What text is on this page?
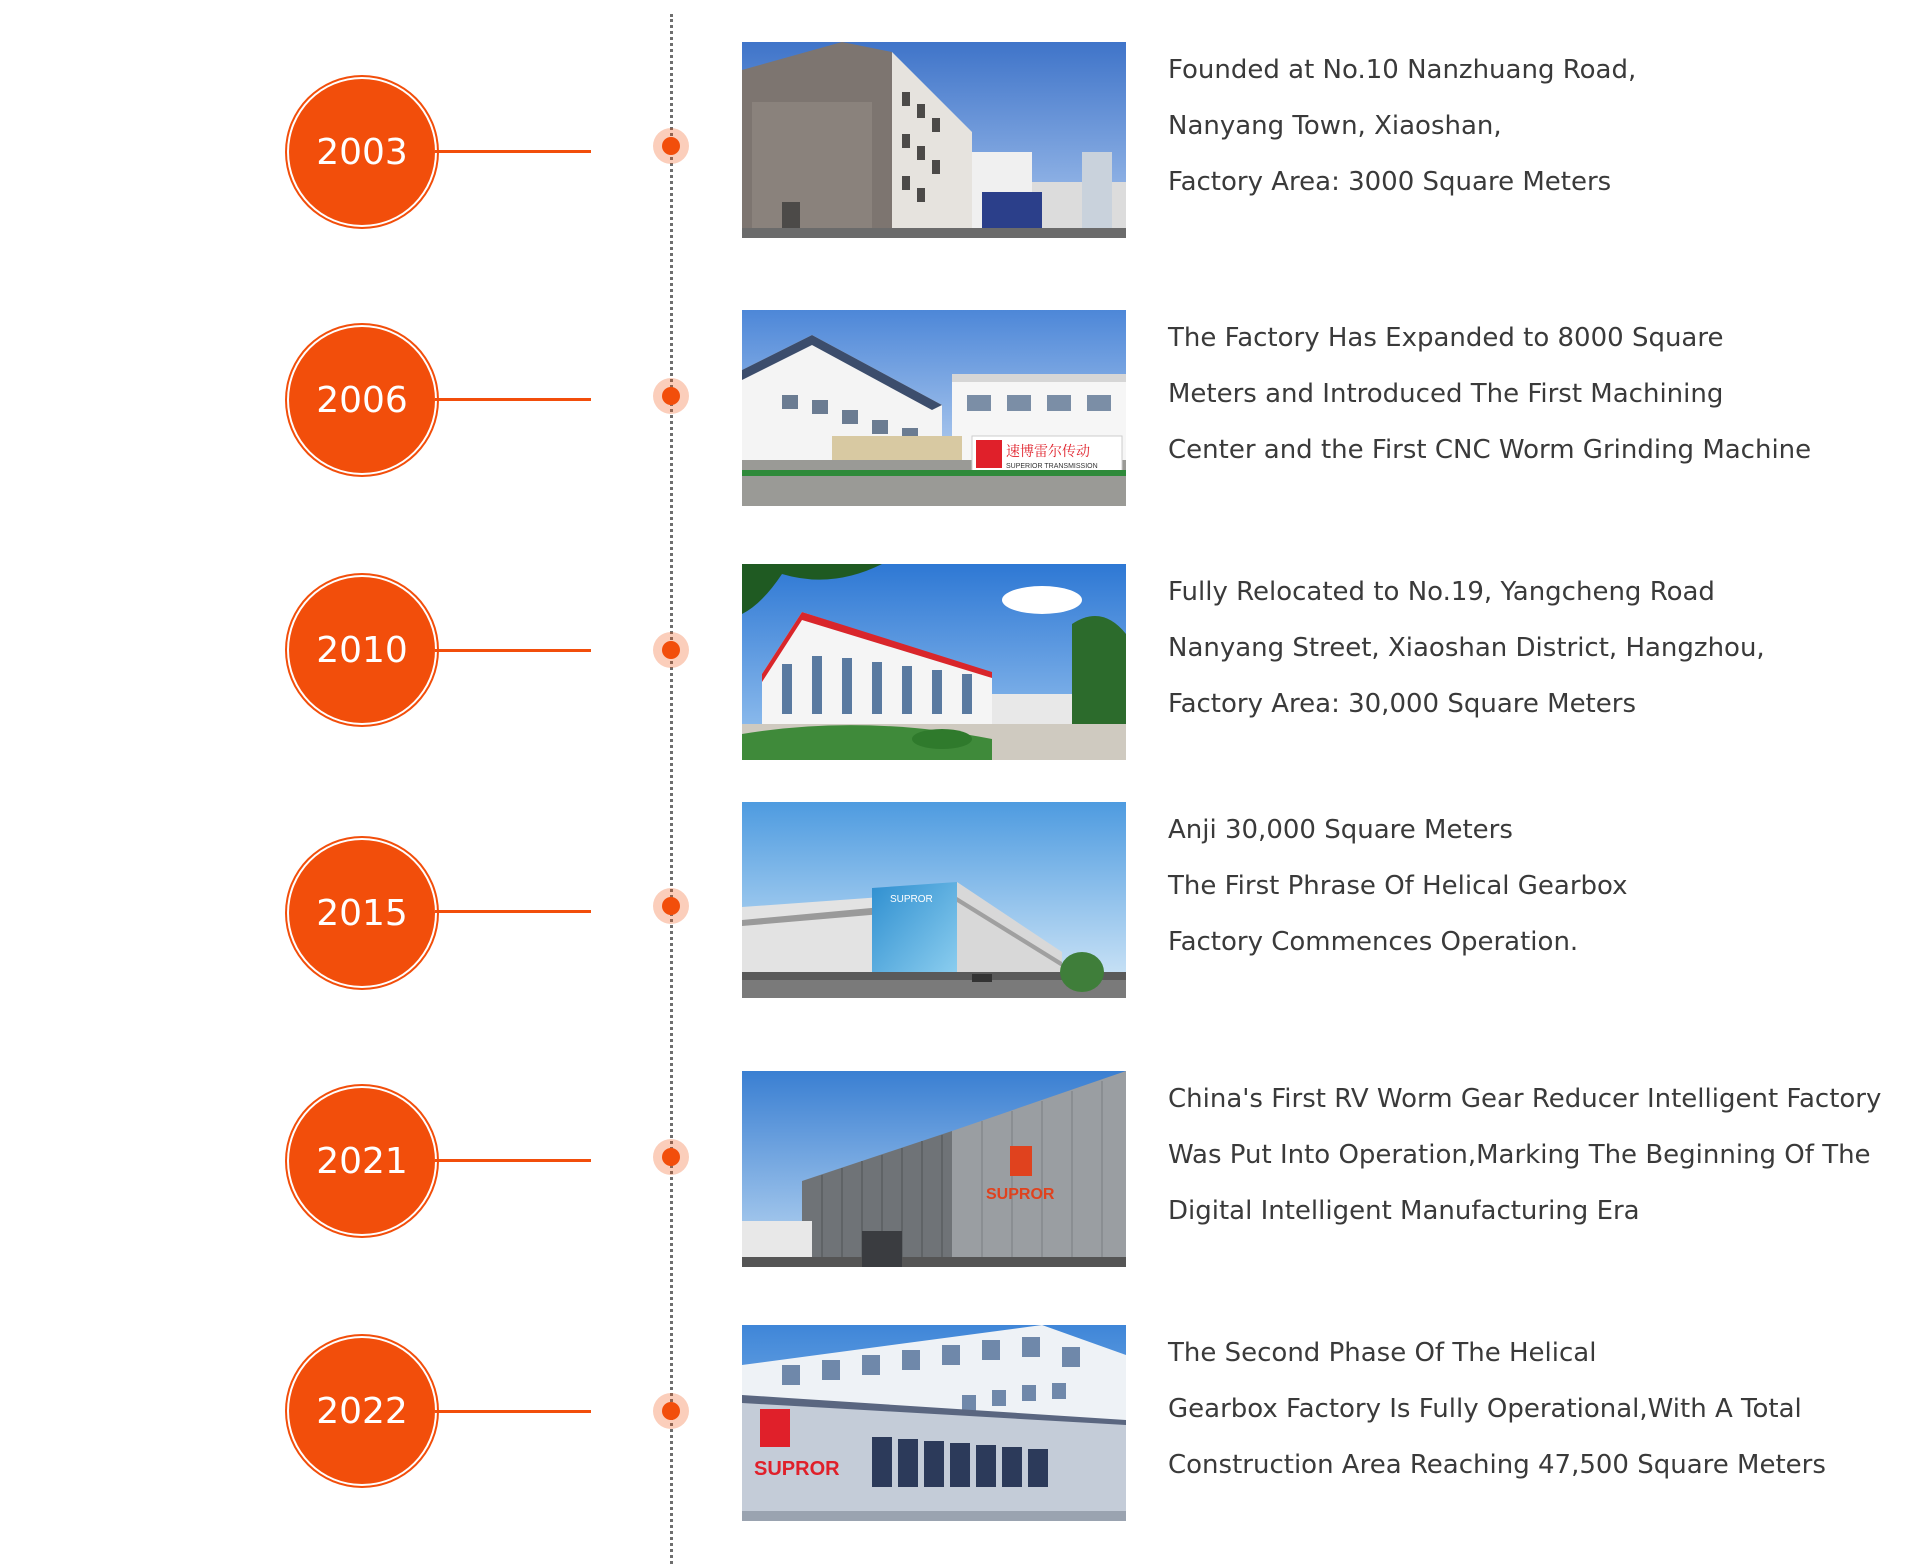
2003
Founded at No.10 Nanzhuang Road,
Nanyang Town, Xiaoshan,
Factory Area: 3000 Square Meters
2006
速博雷尔传动
SUPERIOR TRANSMISSION
The Factory Has Expanded to 8000 Square
Meters and Introduced The First Machining
Center and the First CNC Worm Grinding Machine
2010
Fully Relocated to No.19, Yangcheng Road
Nanyang Street, Xiaoshan District, Hangzhou,
Factory Area: 30,000 Square Meters
2015	SUPROR
Anji 30,000 Square Meters
The First Phrase Of Helical Gearbox
Factory Commences Operation.
2021
SUPROR
China's First RV Worm Gear Reducer Intelligent Factory
Was Put Into Operation,Marking The Beginning Of The
Digital Intelligent Manufacturing Era
2022
SUPROR
The Second Phase Of The Helical
Gearbox Factory Is Fully Operational,With A Total
Construction Area Reaching 47,500 Square Meters
